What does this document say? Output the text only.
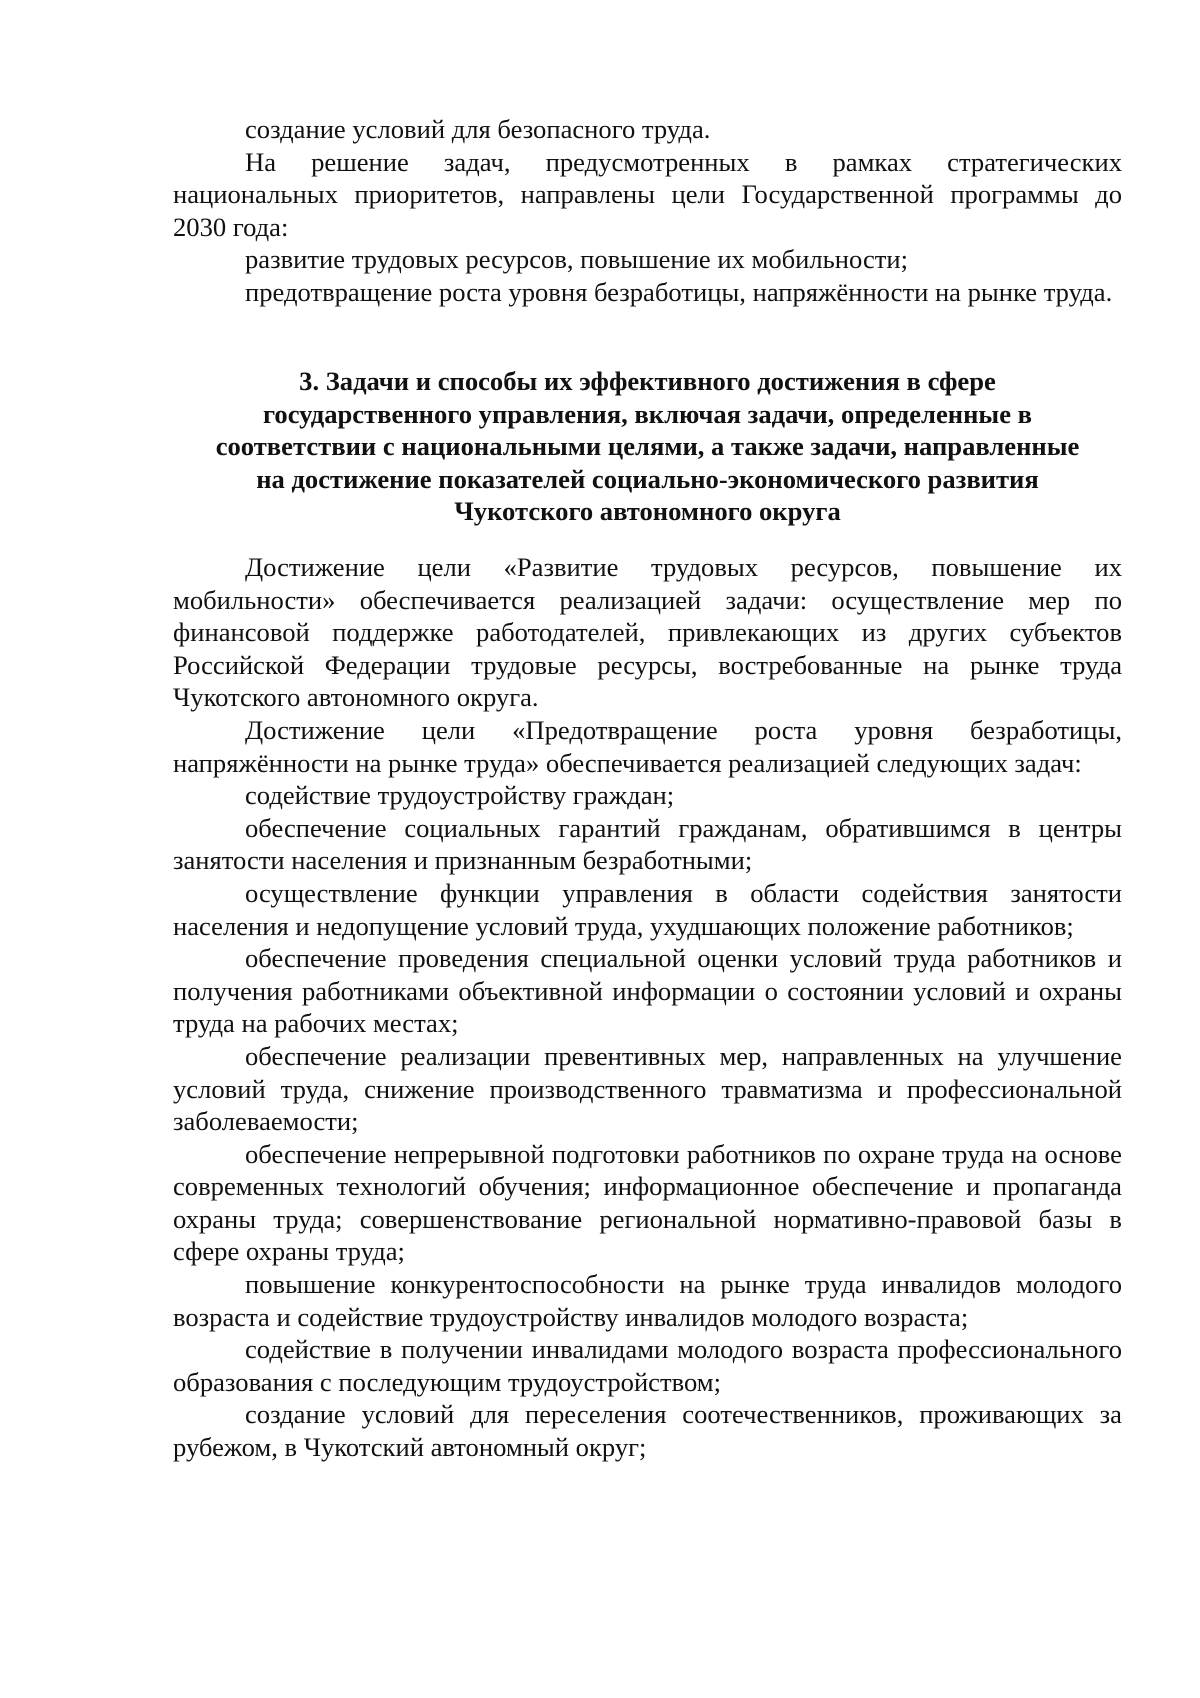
создание условий для безопасного труда.

На решение задач, предусмотренных в рамках стратегических национальных приоритетов, направлены цели Государственной программы до 2030 года:

развитие трудовых ресурсов, повышение их мобильности;

предотвращение роста уровня безработицы, напряжённости на рынке труда.

3. Задачи и способы их эффективного достижения в сфере
государственного управления, включая задачи, определенные в
соответствии с национальными целями, а также задачи, направленные
на достижение показателей социально-экономического развития
Чукотского автономного округа

Достижение цели «Развитие трудовых ресурсов, повышение их мобильности» обеспечивается реализацией задачи: осуществление мер по финансовой поддержке работодателей, привлекающих из других субъектов Российской Федерации трудовые ресурсы, востребованные на рынке труда Чукотского автономного округа.

Достижение цели «Предотвращение роста уровня безработицы, напряжённости на рынке труда» обеспечивается реализацией следующих задач:

содействие трудоустройству граждан;

обеспечение социальных гарантий гражданам, обратившимся в центры занятости населения и признанным безработными;

осуществление функции управления в области содействия занятости населения и недопущение условий труда, ухудшающих положение работников;

обеспечение проведения специальной оценки условий труда работников и получения работниками объективной информации о состоянии условий и охраны труда на рабочих местах;

обеспечение реализации превентивных мер, направленных на улучшение условий труда, снижение производственного травматизма и профессиональной заболеваемости;

обеспечение непрерывной подготовки работников по охране труда на основе современных технологий обучения; информационное обеспечение и пропаганда охраны труда; совершенствование региональной нормативно-правовой базы в сфере охраны труда;

повышение конкурентоспособности на рынке труда инвалидов молодого возраста и содействие трудоустройству инвалидов молодого возраста;

содействие в получении инвалидами молодого возраста профессионального образования с последующим трудоустройством;

создание условий для переселения соотечественников, проживающих за рубежом, в Чукотский автономный округ;
